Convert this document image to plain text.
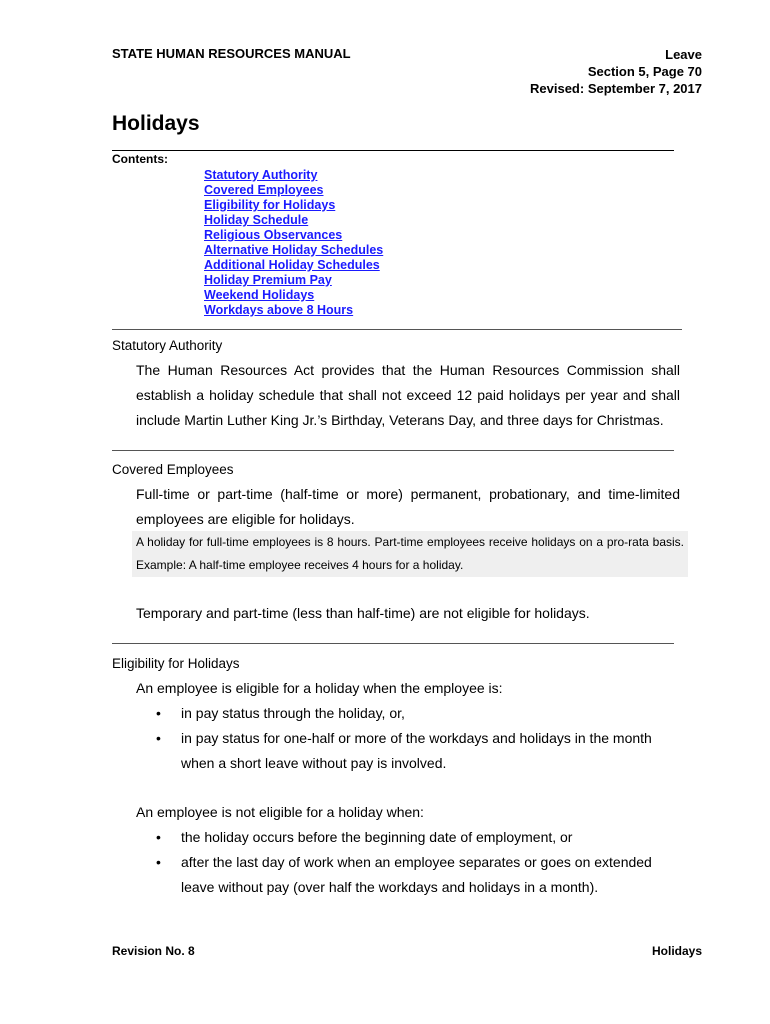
STATE HUMAN RESOURCES MANUAL	Leave
Section 5, Page 70
Revised: September 7, 2017
Holidays
Contents:
Statutory Authority
Covered Employees
Eligibility for Holidays
Holiday Schedule
Religious Observances
Alternative Holiday Schedules
Additional Holiday Schedules
Holiday Premium Pay
Weekend Holidays
Workdays above 8 Hours
Statutory Authority
The Human Resources Act provides that the Human Resources Commission shall establish a holiday schedule that shall not exceed 12 paid holidays per year and shall include Martin Luther King Jr.’s Birthday, Veterans Day, and three days for Christmas.
Covered Employees
Full-time or part-time (half-time or more) permanent, probationary, and time-limited employees are eligible for holidays.
A holiday for full-time employees is 8 hours. Part-time employees receive holidays on a pro-rata basis. Example: A half-time employee receives 4 hours for a holiday.
Temporary and part-time (less than half-time) are not eligible for holidays.
Eligibility for Holidays
An employee is eligible for a holiday when the employee is:
• in pay status through the holiday, or,
• in pay status for one-half or more of the workdays and holidays in the month when a short leave without pay is involved.
An employee is not eligible for a holiday when:
• the holiday occurs before the beginning date of employment, or
• after the last day of work when an employee separates or goes on extended leave without pay (over half the workdays and holidays in a month).
Revision No. 8	Holidays
